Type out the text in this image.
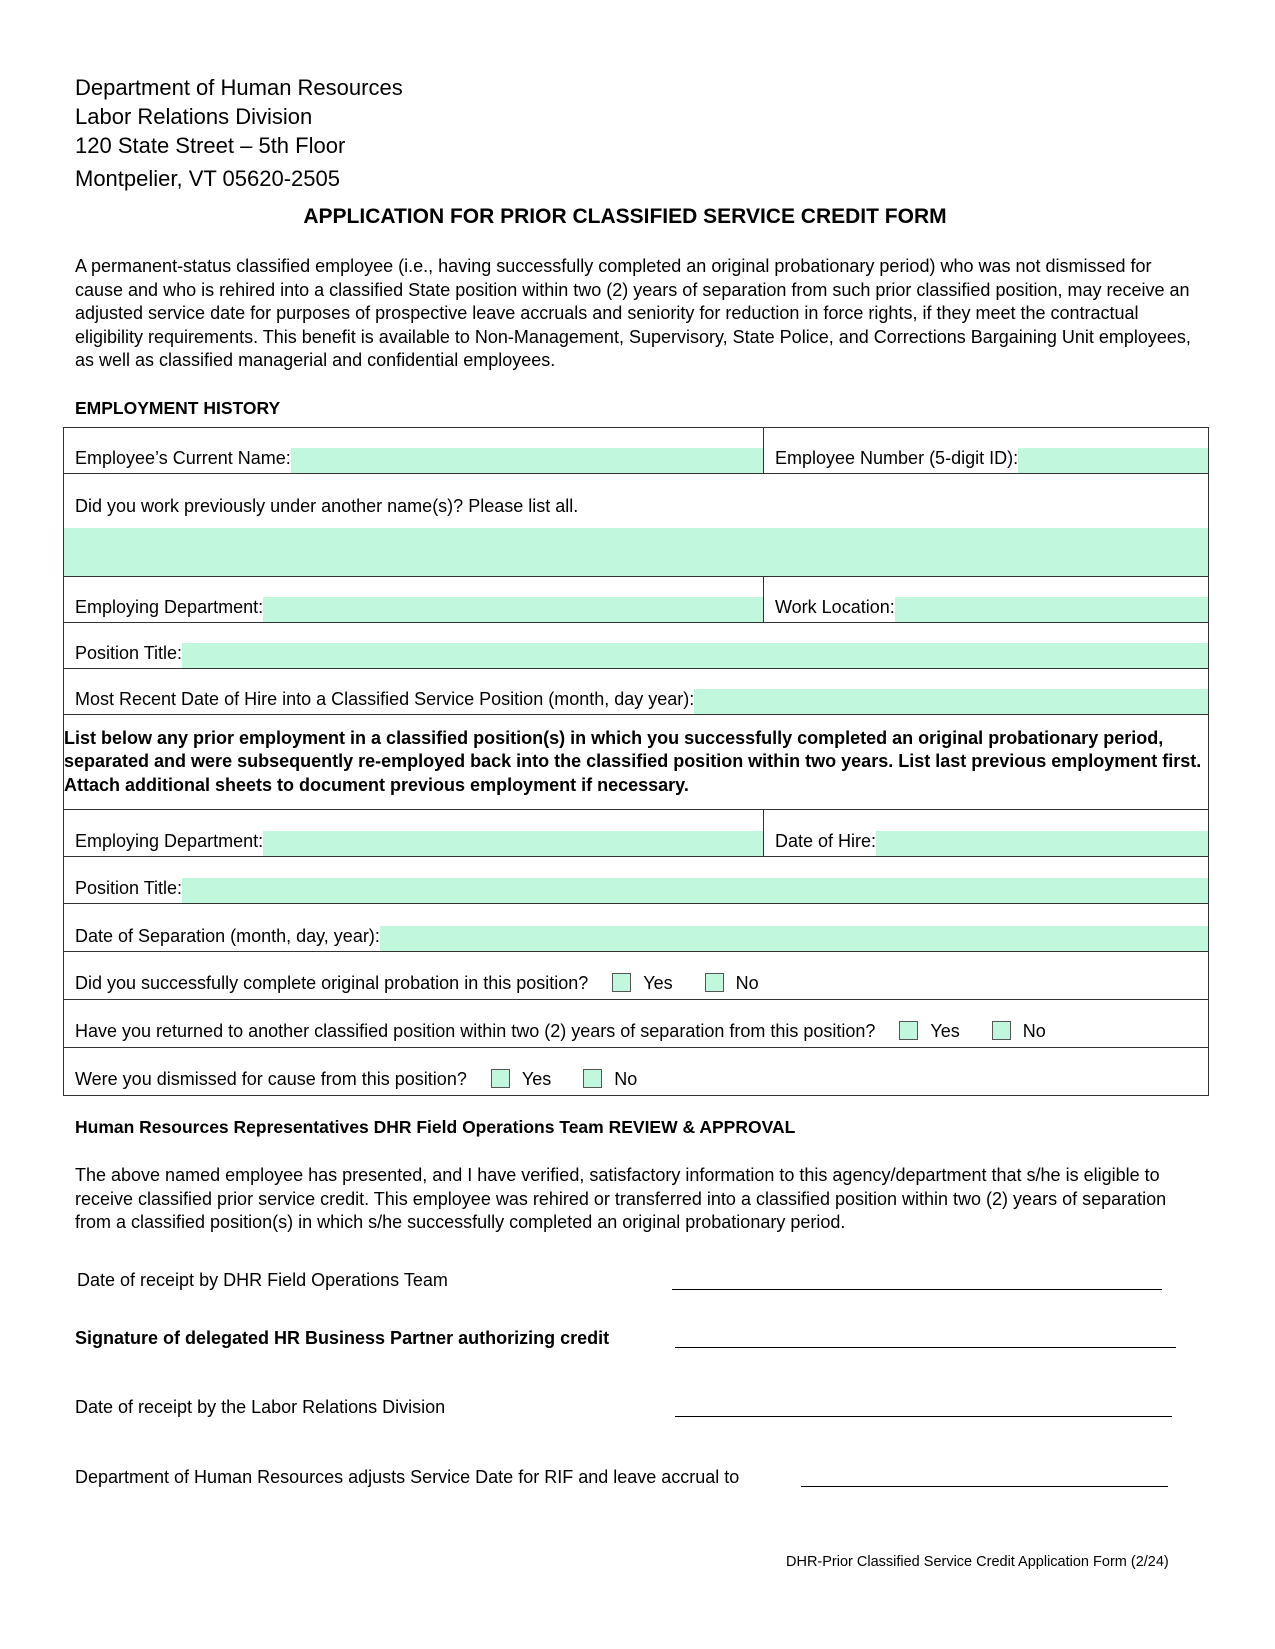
Department of Human Resources
Labor Relations Division
120 State Street – 5th Floor
Montpelier, VT 05620-2505
APPLICATION FOR PRIOR CLASSIFIED SERVICE CREDIT FORM
A permanent-status classified employee (i.e., having successfully completed an original probationary period) who was not dismissed for cause and who is rehired into a classified State position within two (2) years of separation from such prior classified position, may receive an adjusted service date for purposes of prospective leave accruals and seniority for reduction in force rights, if they meet the contractual eligibility requirements. This benefit is available to Non-Management, Supervisory, State Police, and Corrections Bargaining Unit employees, as well as classified managerial and confidential employees.
EMPLOYMENT HISTORY
Employee’s Current Name:	Employee Number (5-digit ID):

Did you work previously under another name(s)? Please list all.	

Employing Department:	Work Location:

Position Title:	

Most Recent Date of Hire into a Classified Service Position (month, day year):	

List below any prior employment in a classified position(s) in which you successfully completed an original probationary period, separated and were subsequently re-employed back into the classified position within two years. List last previous employment first. Attach additional sheets to document previous employment if necessary.	

Employing Department:	Date of Hire:

Position Title:	

Date of Separation (month, day, year):	

Did you successfully complete original probation in this position? Yes No	

Have you returned to another classified position within two (2) years of separation from this position? Yes No	

Were you dismissed for cause from this position? Yes No	
Human Resources Representatives DHR Field Operations Team REVIEW & APPROVAL
The above named employee has presented, and I have verified, satisfactory information to this agency/department that s/he is eligible to receive classified prior service credit. This employee was rehired or transferred into a classified position within two (2) years of separation from a classified position(s) in which s/he successfully completed an original probationary period.
Date of receipt by DHR Field Operations Team
Signature of delegated HR Business Partner authorizing credit
Date of receipt by the Labor Relations Division
Department of Human Resources adjusts Service Date for RIF and leave accrual to
DHR-Prior Classified Service Credit Application Form (2/24)
